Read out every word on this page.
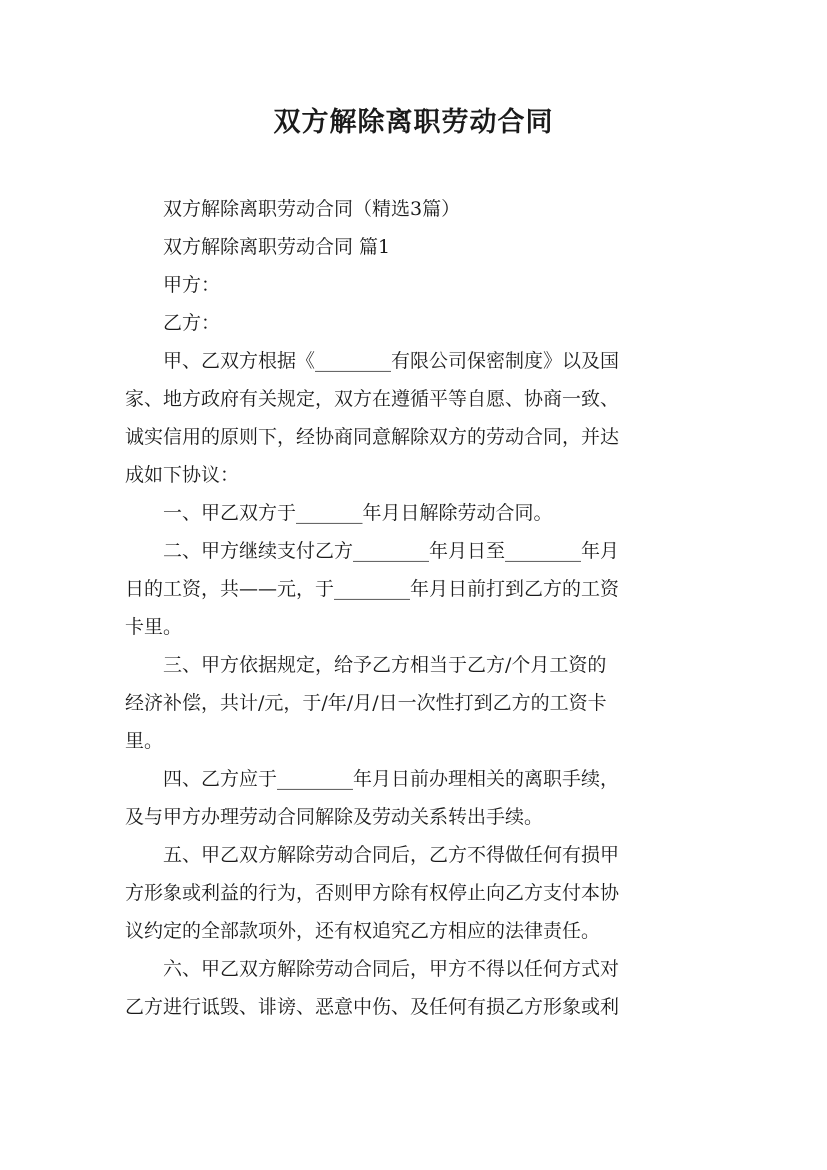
双方解除离职劳动合同

双方解除离职劳动合同（精选3篇）

双方解除离职劳动合同 篇1

甲方：

乙方：

甲、乙双方根据《________有限公司保密制度》以及国
家、地方政府有关规定，双方在遵循平等自愿、协商一致、
诚实信用的原则下，经协商同意解除双方的劳动合同，并达
成如下协议：

一、甲乙双方于_______年月日解除劳动合同。

二、甲方继续支付乙方________年月日至________年月
日的工资，共——元，于________年月日前打到乙方的工资
卡里。

三、甲方依据规定，给予乙方相当于乙方/个月工资的
经济补偿，共计/元，于/年/月/日一次性打到乙方的工资卡
里。

四、乙方应于________年月日前办理相关的离职手续，
及与甲方办理劳动合同解除及劳动关系转出手续。

五、甲乙双方解除劳动合同后，乙方不得做任何有损甲
方形象或利益的行为，否则甲方除有权停止向乙方支付本协
议约定的全部款项外，还有权追究乙方相应的法律责任。

六、甲乙双方解除劳动合同后，甲方不得以任何方式对
乙方进行诋毁、诽谤、恶意中伤、及任何有损乙方形象或利
